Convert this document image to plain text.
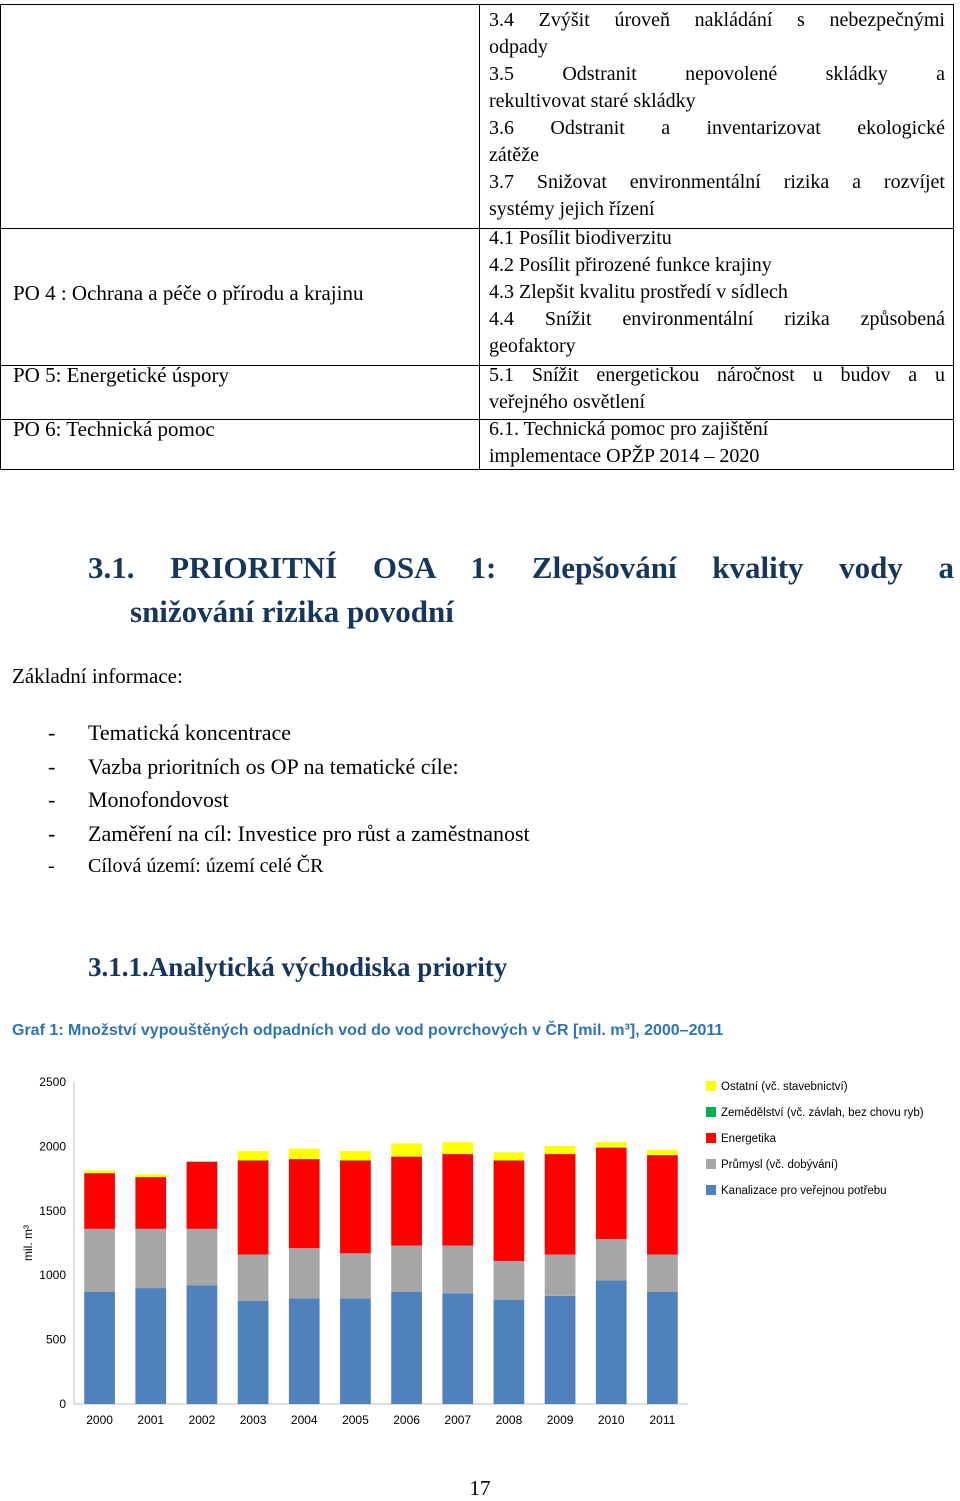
PO 4 : Ochrana a péče o přírodu a krajinu
PO 5: Energetické úspory
PO 6: Technická pomoc
3.4 Zvýšit úroveň nakládání s nebezpečnými
odpady
3.5 Odstranit nepovolené skládky a
rekultivovat staré skládky
3.6 Odstranit a inventarizovat ekologické
zátěže
3.7 Snižovat environmentální rizika a rozvíjet
systémy jejich řízení
4.1 Posílit biodiverzitu
4.2 Posílit přirozené funkce krajiny
4.3 Zlepšit kvalitu prostředí v sídlech
4.4 Snížit environmentální rizika způsobená
geofaktory
5.1 Snížit energetickou náročnost u budov a u
veřejného osvětlení
6.1. Technická pomoc pro zajištění
implementace OPŽP 2014 – 2020
3.1. PRIORITNÍ OSA 1: Zlepšování kvality vody a
snižování rizika povodní
Základní informace:
- Tematická koncentrace
- Vazba prioritních os OP na tematické cíle:
- Monofondovost
- Zaměření na cíl: Investice pro růst a zaměstnanost
- Cílová území: území celé ČR
3.1.1.Analytická východiska priority
Graf 1: Množství vypouštěných odpadních vod do vod povrchových v ČR [mil. m³], 2000–2011
0
500
1000
1500
2000
2500
mil. m³
2000 2001 2002 2003 2004 2005 2006 2007 2008 2009 2010 2011
Ostatní (vč. stavebnictví)
Zemědělství (vč. závlah, bez chovu ryb)
Energetika
Průmysl (vč. dobývání)
Kanalizace pro veřejnou potřebu
17
